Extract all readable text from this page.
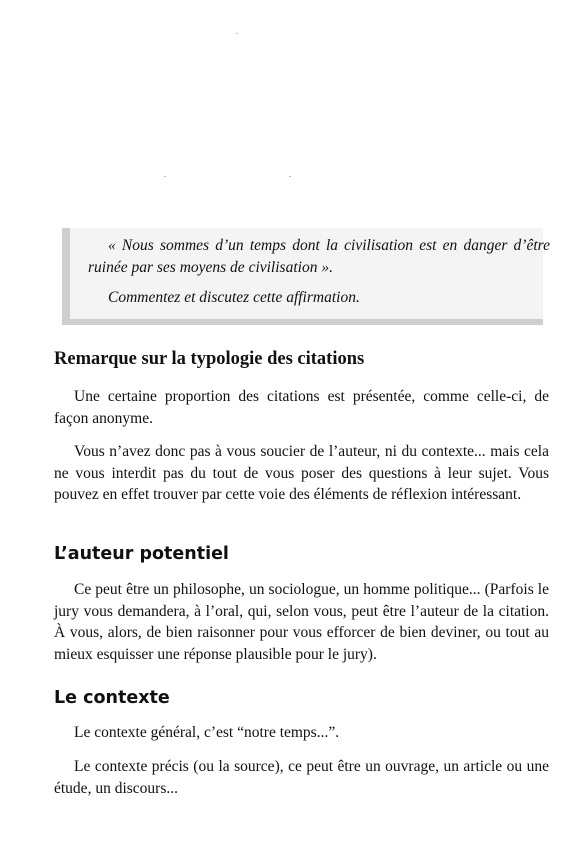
« Nous sommes d’un temps dont la civilisation est en danger d’être ruinée par ses moyens de civilisation ».

Commentez et discutez cette affirmation.

Remarque sur la typologie des citations

Une certaine proportion des citations est présentée, comme celle-ci, de façon anonyme.

Vous n’avez donc pas à vous soucier de l’auteur, ni du contexte... mais cela ne vous interdit pas du tout de vous poser des questions à leur sujet. Vous pouvez en effet trouver par cette voie des éléments de réflexion intéressant.

L’auteur potentiel

Ce peut être un philosophe, un sociologue, un homme politique... (Parfois le jury vous demandera, à l’oral, qui, selon vous, peut être l’auteur de la citation. À vous, alors, de bien raisonner pour vous efforcer de bien deviner, ou tout au mieux esquisser une réponse plausible pour le jury).

Le contexte

Le contexte général, c’est “notre temps...”.

Le contexte précis (ou la source), ce peut être un ouvrage, un article ou une étude, un discours...
